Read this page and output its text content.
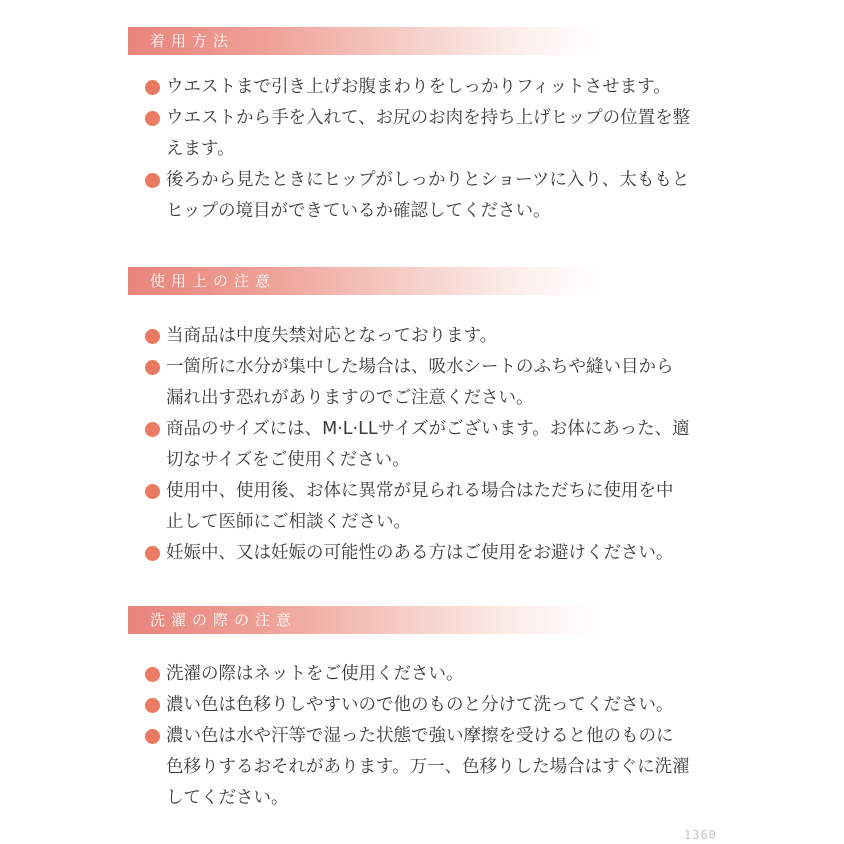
着用方法
ウエストまで引き上げお腹まわりをしっかりフィットさせます。
ウエストから手を入れて、お尻のお肉を持ち上げヒップの位置を整
えます。
後ろから見たときにヒップがしっかりとショーツに入り、太ももと
ヒップの境目ができているか確認してください。
使用上の注意
当商品は中度失禁対応となっております。
一箇所に水分が集中した場合は、吸水シートのふちや縫い目から
漏れ出す恐れがありますのでご注意ください。
商品のサイズには、M·L·LLサイズがございます。お体にあった、適
切なサイズをご使用ください。
使用中、使用後、お体に異常が見られる場合はただちに使用を中
止して医師にご相談ください。
妊娠中、又は妊娠の可能性のある方はご使用をお避けください。
洗濯の際の注意
洗濯の際はネットをご使用ください。
濃い色は色移りしやすいので他のものと分けて洗ってください。
濃い色は水や汗等で湿った状態で強い摩擦を受けると他のものに
色移りするおそれがあります。万一、色移りした場合はすぐに洗濯
してください。
1360
